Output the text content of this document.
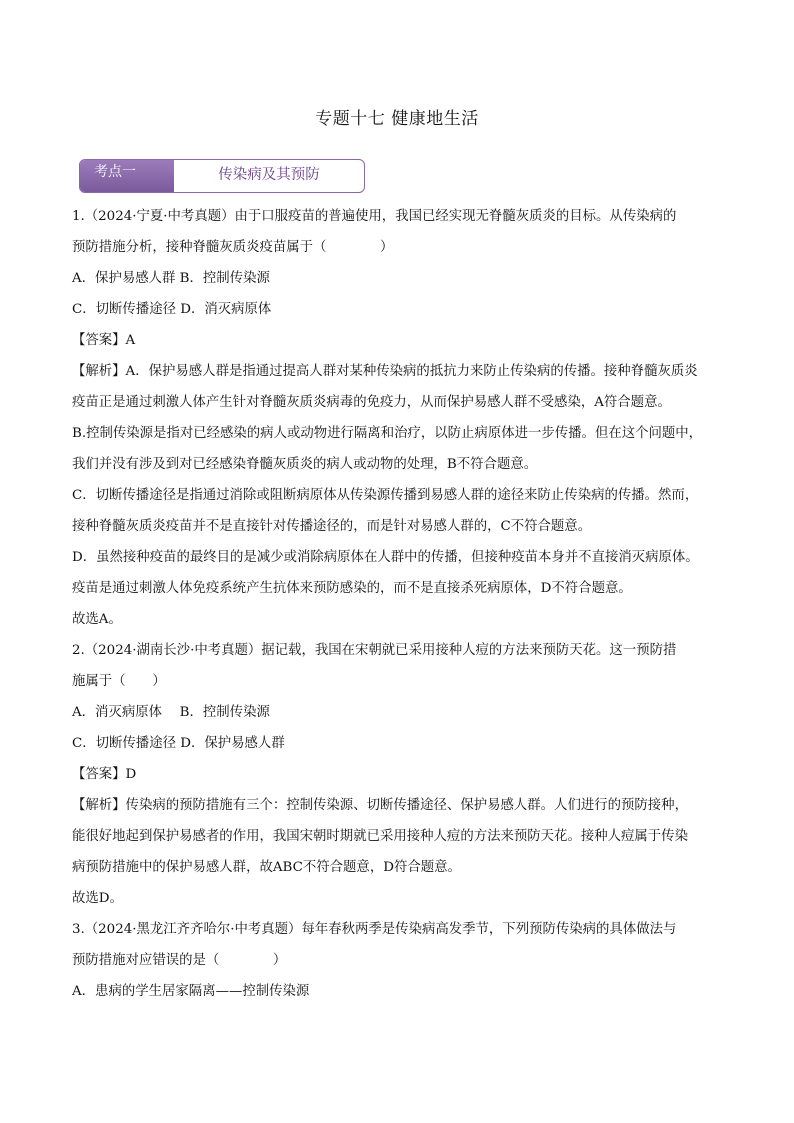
专题十七 健康地生活
考点一	传染病及其预防

1.（2024·宁夏·中考真题）由于口服疫苗的普遍使用，我国已经实现无脊髓灰质炎的目标。从传染病的

预防措施分析，接种脊髓灰质炎疫苗属于（　　　　）

A．保护易感人群 B．控制传染源

C．切断传播途径 D．消灭病原体

【答案】A

【解析】A．保护易感人群是指通过提高人群对某种传染病的抵抗力来防止传染病的传播。接种脊髓灰质炎

疫苗正是通过刺激人体产生针对脊髓灰质炎病毒的免疫力，从而保护易感人群不受感染，A符合题意。

B.控制传染源是指对已经感染的病人或动物进行隔离和治疗，以防止病原体进一步传播。但在这个问题中，

我们并没有涉及到对已经感染脊髓灰质炎的病人或动物的处理，B不符合题意。

C．切断传播途径是指通过消除或阻断病原体从传染源传播到易感人群的途径来防止传染病的传播。然而，

接种脊髓灰质炎疫苗并不是直接针对传播途径的，而是针对易感人群的，C不符合题意。

D．虽然接种疫苗的最终目的是减少或消除病原体在人群中的传播，但接种疫苗本身并不直接消灭病原体。

疫苗是通过刺激人体免疫系统产生抗体来预防感染的，而不是直接杀死病原体，D不符合题意。

故选A。

2.（2024·湖南长沙·中考真题）据记载，我国在宋朝就已采用接种人痘的方法来预防天花。这一预防措

施属于（　　）

A．消灭病原体　 B．控制传染源

C．切断传播途径 D．保护易感人群

【答案】D

【解析】传染病的预防措施有三个：控制传染源、切断传播途径、保护易感人群。人们进行的预防接种，

能很好地起到保护易感者的作用，我国宋朝时期就已采用接种人痘的方法来预防天花。接种人痘属于传染

病预防措施中的保护易感人群，故ABC不符合题意，D符合题意。

故选D。

3.（2024·黑龙江齐齐哈尔·中考真题）每年春秋两季是传染病高发季节，下列预防传染病的具体做法与

预防措施对应错误的是（　　　　）

A．患病的学生居家隔离——控制传染源
